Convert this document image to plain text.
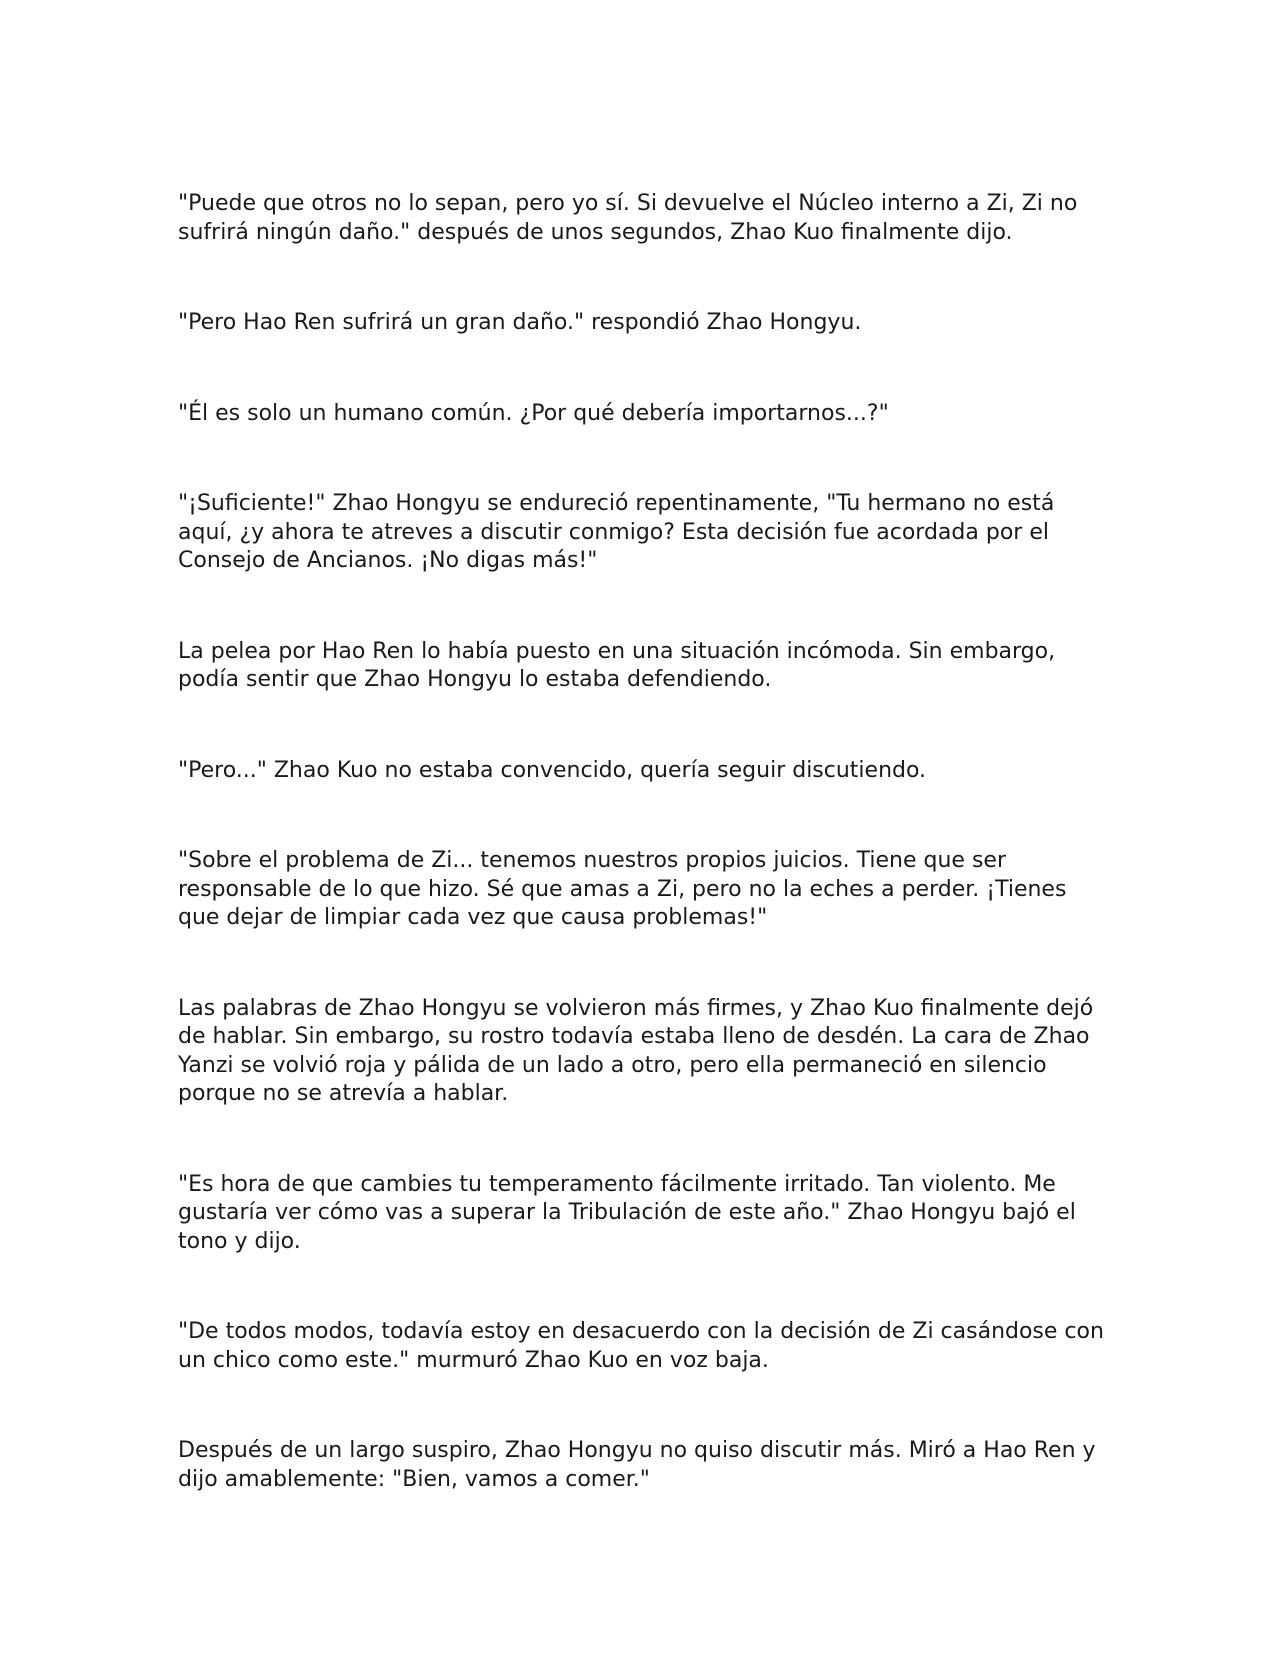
"Puede que otros no lo sepan, pero yo sí. Si devuelve el Núcleo interno a Zi, Zi no sufrirá ningún daño." después de unos segundos, Zhao Kuo finalmente dijo.

"Pero Hao Ren sufrirá un gran daño." respondió Zhao Hongyu.

"Él es solo un humano común. ¿Por qué debería importarnos...?"

"¡Suficiente!" Zhao Hongyu se endureció repentinamente, "Tu hermano no está aquí, ¿y ahora te atreves a discutir conmigo? Esta decisión fue acordada por el Consejo de Ancianos. ¡No digas más!"

La pelea por Hao Ren lo había puesto en una situación incómoda. Sin embargo, podía sentir que Zhao Hongyu lo estaba defendiendo.

"Pero..." Zhao Kuo no estaba convencido, quería seguir discutiendo.

"Sobre el problema de Zi... tenemos nuestros propios juicios. Tiene que ser responsable de lo que hizo. Sé que amas a Zi, pero no la eches a perder. ¡Tienes que dejar de limpiar cada vez que causa problemas!"

Las palabras de Zhao Hongyu se volvieron más firmes, y Zhao Kuo finalmente dejó de hablar. Sin embargo, su rostro todavía estaba lleno de desdén. La cara de Zhao Yanzi se volvió roja y pálida de un lado a otro, pero ella permaneció en silencio porque no se atrevía a hablar.

"Es hora de que cambies tu temperamento fácilmente irritado. Tan violento. Me gustaría ver cómo vas a superar la Tribulación de este año." Zhao Hongyu bajó el tono y dijo.

"De todos modos, todavía estoy en desacuerdo con la decisión de Zi casándose con un chico como este." murmuró Zhao Kuo en voz baja.

Después de un largo suspiro, Zhao Hongyu no quiso discutir más. Miró a Hao Ren y dijo amablemente: "Bien, vamos a comer."
